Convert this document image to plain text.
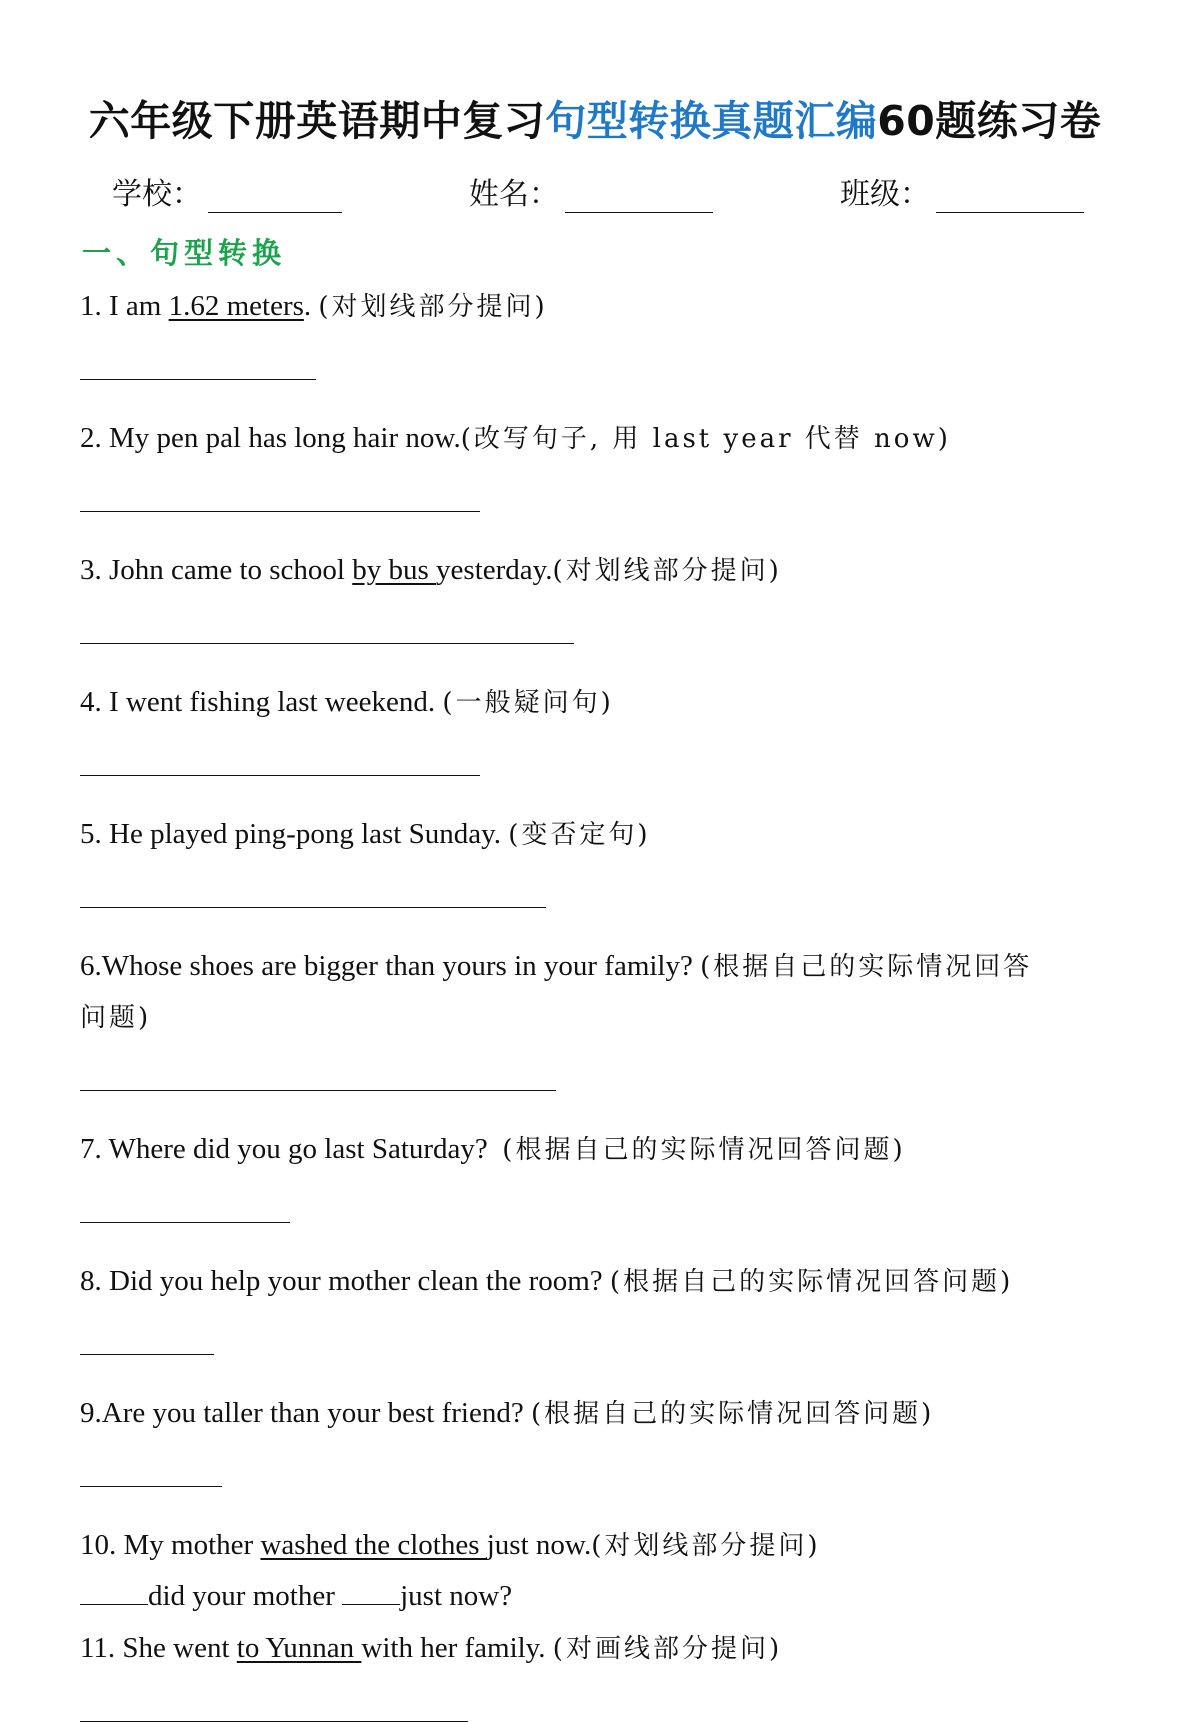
六年级下册英语期中复习句型转换真题汇编60题练习卷
学校：	姓名：	班级：
一、句型转换

1. I am 1.62 meters. (对划线部分提问)

2. My pen pal has long hair now.(改写句子, 用 last year 代替 now)

3. John came to school by bus yesterday.(对划线部分提问)

4. I went fishing last weekend. (一般疑问句)

5. He played ping-pong last Sunday. (变否定句)

6.Whose shoes are bigger than yours in your family? (根据自己的实际情况回答

问题)

7. Where did you go last Saturday?  (根据自己的实际情况回答问题)

8. Did you help your mother clean the room? (根据自己的实际情况回答问题)

9.Are you taller than your best friend? (根据自己的实际情况回答问题)

10. My mother washed the clothes just now.(对划线部分提问)

did your mother just now?

11. She went to Yunnan with her family. (对画线部分提问)
